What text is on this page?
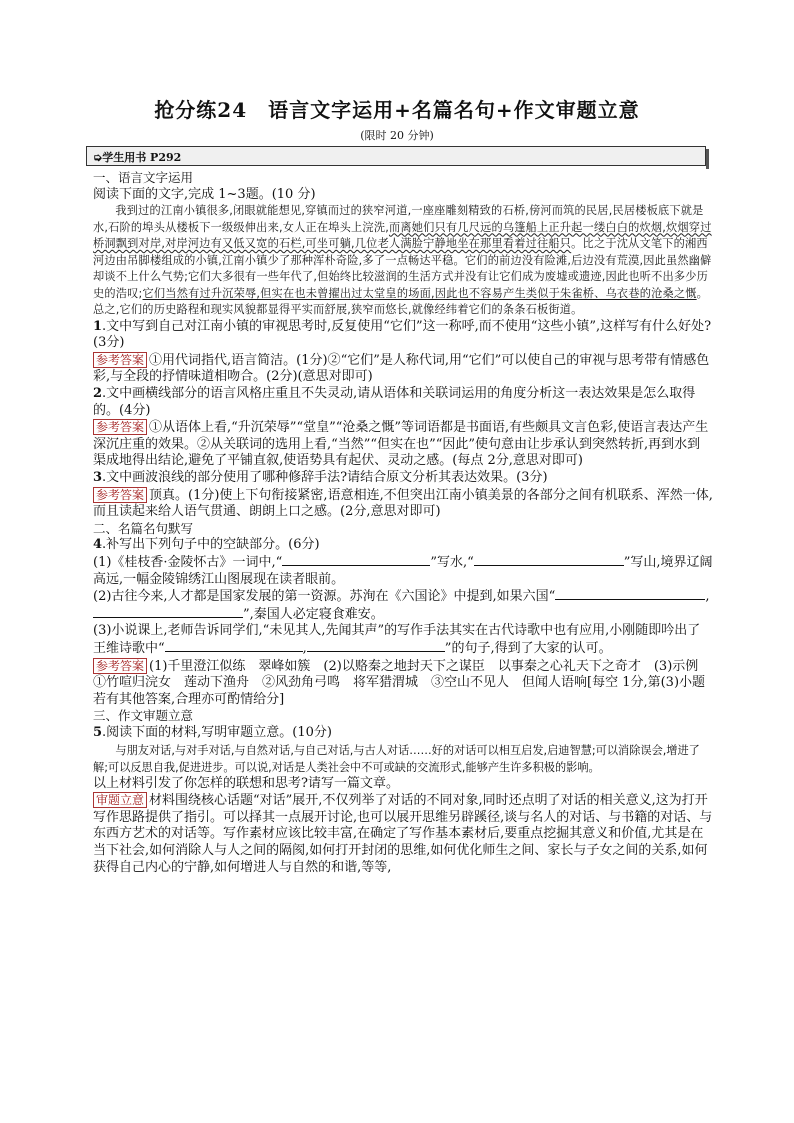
抢分练24　语言文字运用+名篇名句+作文审题立意
(限时 20 分钟)
➭学生用书 P292

一、语言文字运用

阅读下面的文字,完成 1~3题。(10 分)

我到过的江南小镇很多,闭眼就能想见,穿镇而过的狭窄河道,一座座雕刻精致的石桥,傍河而筑的民居,民居楼板底下就是水,石阶的埠头从楼板下一级级伸出来,女人正在埠头上浣洗,而离她们只有几尺远的乌篷船上正升起一缕白白的炊烟,炊烟穿过桥洞飘到对岸,对岸河边有又低又宽的石栏,可坐可躺,几位老人满脸宁静地坐在那里看着过往船只。比之于沈从文笔下的湘西河边由吊脚楼组成的小镇,江南小镇少了那种浑朴奇险,多了一点畅达平稳。它们的前边没有险滩,后边没有荒漠,因此虽然幽僻却谈不上什么气势;它们大多很有一些年代了,但始终比较滋润的生活方式并没有让它们成为废墟或遗迹,因此也听不出多少历史的浩叹;它们当然有过升沉荣辱,但实在也未曾擢出过太堂皇的场面,因此也不容易产生类似于朱雀桥、乌衣巷的沧桑之慨。总之,它们的历史路程和现实风貌都显得平实而舒展,狭窄而悠长,就像经纬着它们的条条石板街道。

1.文中写到自己对江南小镇的审视思考时,反复使用“它们”这一称呼,而不使用“这些小镇”,这样写有什么好处?(3分)

参考答案 ①用代词指代,语言简洁。(1分)②“它们”是人称代词,用“它们”可以使自己的审视与思考带有情感色彩,与全段的抒情味道相吻合。(2分)(意思对即可)

2.文中画横线部分的语言风格庄重且不失灵动,请从语体和关联词运用的角度分析这一表达效果是怎么取得的。(4分)

参考答案 ①从语体上看,“升沉荣辱”“堂皇”“沧桑之慨”等词语都是书面语,有些颇具文言色彩,使语言表达产生深沉庄重的效果。②从关联词的选用上看,“当然”“但实在也”“因此”使句意由让步承认到突然转折,再到水到渠成地得出结论,避免了平铺直叙,使语势具有起伏、灵动之感。(每点 2分,意思对即可)

3.文中画波浪线的部分使用了哪种修辞手法?请结合原文分析其表达效果。(3分)

参考答案 顶真。(1分)使上下句衔接紧密,语意相连,不但突出江南小镇美景的各部分之间有机联系、浑然一体,而且读起来给人语气贯通、朗朗上口之感。(2分,意思对即可)

二、名篇名句默写

4.补写出下列句子中的空缺部分。(6分)

(1)《桂枝香·金陵怀古》一词中,“	”写水,“	”写山,境界辽阔高远,一幅金陵锦绣江山图展现在读者眼前。

(2)古往今来,人才都是国家发展的第一资源。苏洵在《六国论》中提到,如果六国“	,”,秦国人必定寝食难安。

(3)小说课上,老师告诉同学们,“未见其人,先闻其声”的写作手法其实在古代诗歌中也有应用,小刚随即吟出了王维诗歌中“	,	”的句子,得到了大家的认可。

参考答案 (1)千里澄江似练　翠峰如簇　(2)以赂秦之地封天下之谋臣　以事秦之心礼天下之奇才　(3)示例 ①竹喧归浣女　莲动下渔舟　②风劲角弓鸣　将军猎渭城　③空山不见人　但闻人语响[每空 1分,第(3)小题若有其他答案,合理亦可酌情给分]

三、作文审题立意

5.阅读下面的材料,写明审题立意。(10分)

与朋友对话,与对手对话,与自然对话,与自己对话,与古人对话……好的对话可以相互启发,启迪智慧;可以消除误会,增进了解;可以反思自我,促进进步。可以说,对话是人类社会中不可或缺的交流形式,能够产生许多积极的影响。

以上材料引发了你怎样的联想和思考?请写一篇文章。

审题立意 材料围绕核心话题“对话”展开,不仅列举了对话的不同对象,同时还点明了对话的相关意义,这为打开写作思路提供了指引。可以择其一点展开讨论,也可以展开思维另辟蹊径,谈与名人的对话、与书籍的对话、与东西方艺术的对话等。写作素材应该比较丰富,在确定了写作基本素材后,要重点挖掘其意义和价值,尤其是在当下社会,如何消除人与人之间的隔阂,如何打开封闭的思维,如何优化师生之间、家长与子女之间的关系,如何获得自己内心的宁静,如何增进人与自然的和谐,等等,
